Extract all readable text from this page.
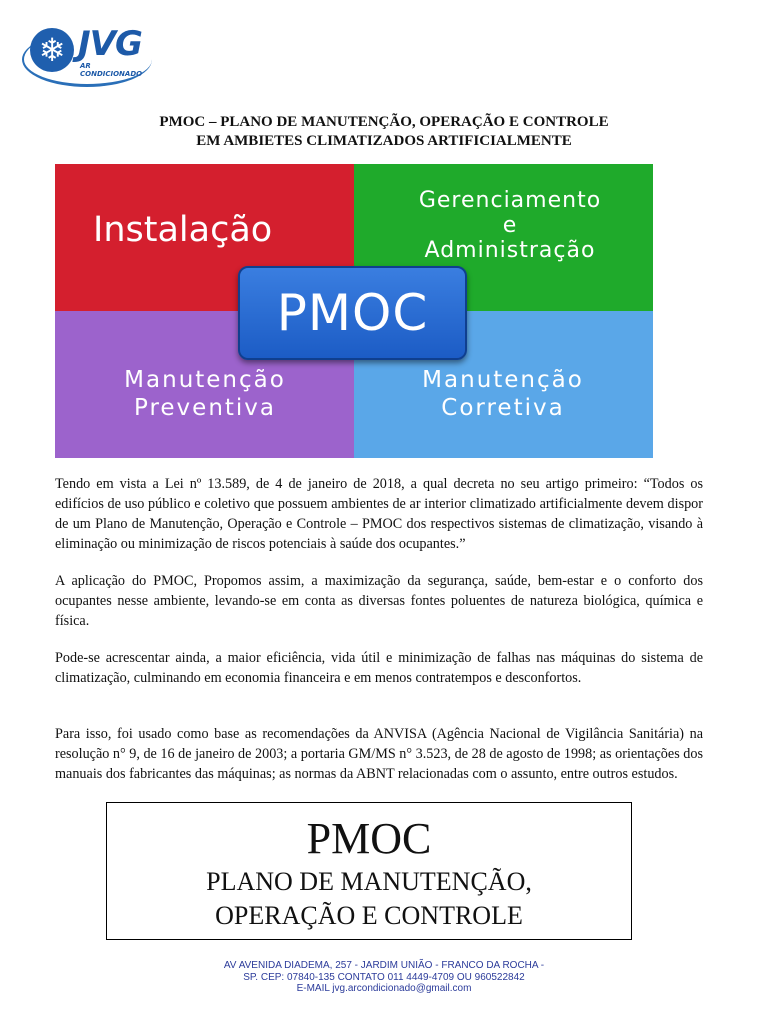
❄ JVG
AR CONDICIONADO
PMOC – PLANO DE MANUTENÇÃO, OPERAÇÃO E CONTROLE
EM AMBIETES CLIMATIZADOS ARTIFICIALMENTE
Instalação
Gerenciamento
e
Administração
Manutenção
Preventiva
Manutenção
Corretiva
PMOC

Tendo em vista a Lei nº 13.589, de 4 de janeiro de 2018, a qual decreta no seu artigo primeiro: “Todos os edifícios de uso público e coletivo que possuem ambientes de ar interior climatizado artificialmente devem dispor de um Plano de Manutenção, Operação e Controle – PMOC dos respectivos sistemas de climatização, visando à eliminação ou minimização de riscos potenciais à saúde dos ocupantes.”

A aplicação do PMOC, Propomos assim, a maximização da segurança, saúde, bem-estar e o conforto dos ocupantes nesse ambiente, levando-se em conta as diversas fontes poluentes de natureza biológica, química e física.

Pode-se acrescentar ainda, a maior eficiência, vida útil e minimização de falhas nas máquinas do sistema de climatização, culminando em economia financeira e em menos contratempos e desconfortos.

Para isso, foi usado como base as recomendações da ANVISA (Agência Nacional de Vigilância Sanitária) na resolução n° 9, de 16 de janeiro de 2003; a portaria GM/MS n° 3.523, de 28 de agosto de 1998; as orientações dos manuais dos fabricantes das máquinas; as normas da ABNT relacionadas com o assunto, entre outros estudos.

PMOC
PLANO DE MANUTENÇÃO,
OPERAÇÃO E CONTROLE
AV AVENIDA DIADEMA, 257 - JARDIM UNIÃO - FRANCO DA ROCHA -
SP. CEP: 07840-135 CONTATO 011 4449-4709 OU 960522842
E-MAIL jvg.arcondicionado@gmail.com
